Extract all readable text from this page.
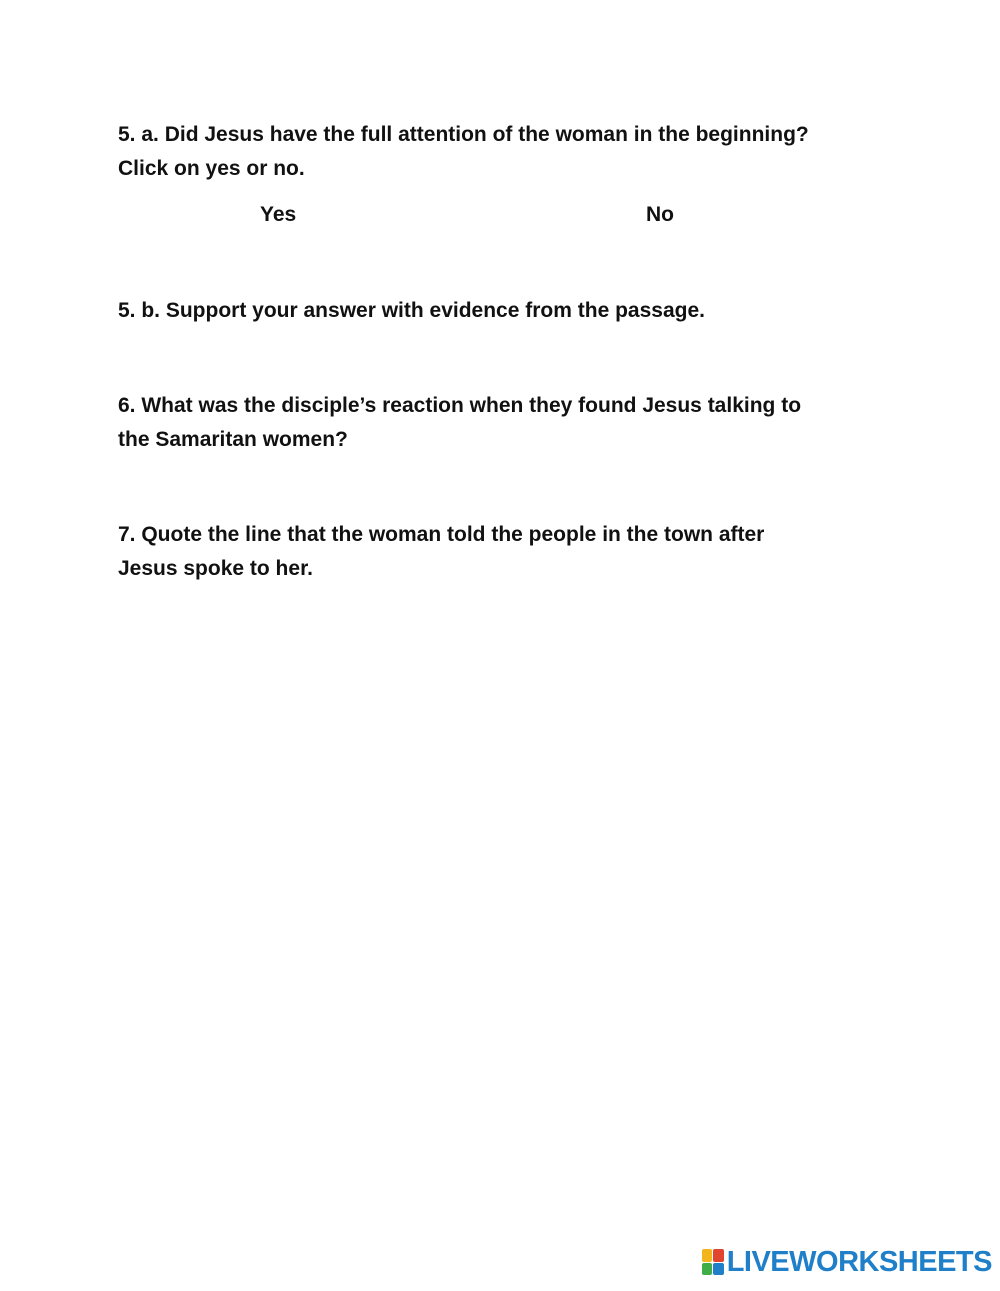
5. a. Did Jesus have the full attention of the woman in the beginning?
Click on yes or no.

Yes	No

5. b. Support your answer with evidence from the passage.

6. What was the disciple’s reaction when they found Jesus talking to
the Samaritan women?

7. Quote the line that the woman told the people in the town after
Jesus spoke to her.

LIVEWORKSHEETS
